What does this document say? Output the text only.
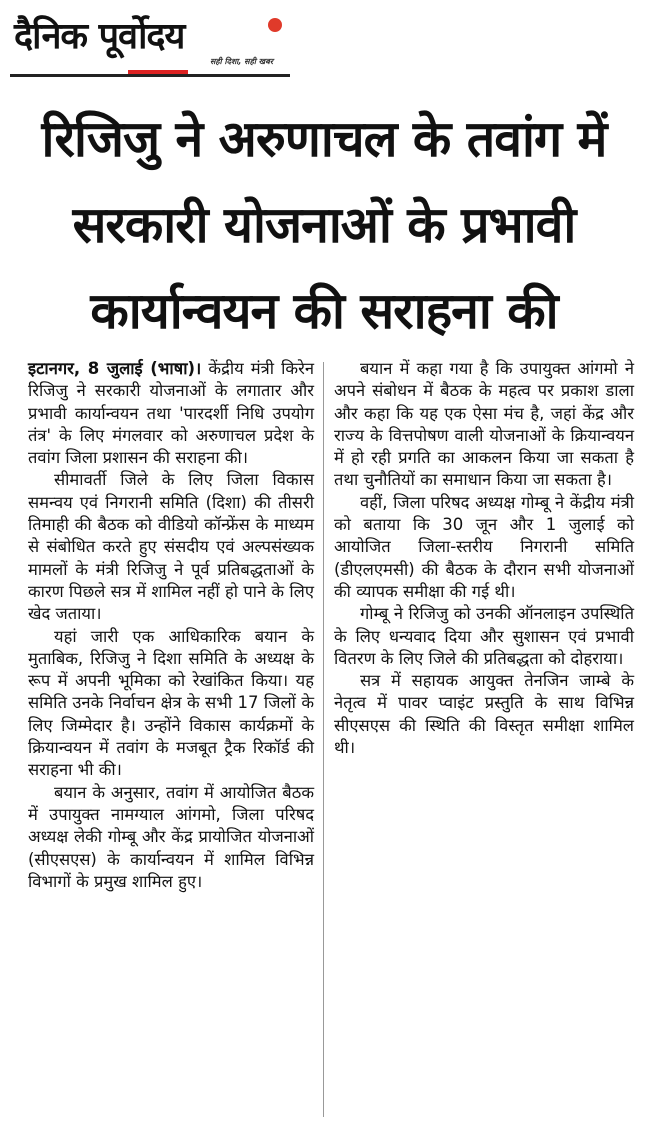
दैनिक पूर्वोदय
सही दिशा, सही खबर
रिजिजु ने अरुणाचल के तवांग में
सरकारी योजनाओं के प्रभावी
कार्यान्वयन की सराहना की

इटानगर, 8 जुलाई (भाषा)। केंद्रीय मंत्री किरेन रिजिजु ने सरकारी योजनाओं के लगातार और प्रभावी कार्यान्वयन तथा 'पारदर्शी निधि उपयोग तंत्र' के लिए मंगलवार को अरुणाचल प्रदेश के तवांग जिला प्रशासन की सराहना की।

सीमावर्ती जिले के लिए जिला विकास समन्वय एवं निगरानी समिति (दिशा) की तीसरी तिमाही की बैठक को वीडियो कॉन्फ्रेंस के माध्यम से संबोधित करते हुए संसदीय एवं अल्पसंख्यक मामलों के मंत्री रिजिजु ने पूर्व प्रतिबद्धताओं के कारण पिछले सत्र में शामिल नहीं हो पाने के लिए खेद जताया।

यहां जारी एक आधिकारिक बयान के मुताबिक, रिजिजु ने दिशा समिति के अध्यक्ष के रूप में अपनी भूमिका को रेखांकित किया। यह समिति उनके निर्वाचन क्षेत्र के सभी 17 जिलों के लिए जिम्मेदार है। उन्होंने विकास कार्यक्रमों के क्रियान्वयन में तवांग के मजबूत ट्रैक रिकॉर्ड की सराहना भी की।

बयान के अनुसार, तवांग में आयोजित बैठक में उपायुक्त नामग्याल आंगमो, जिला परिषद अध्यक्ष लेकी गोम्बू और केंद्र प्रायोजित योजनाओं (सीएसएस) के कार्यान्वयन में शामिल विभिन्न विभागों के प्रमुख शामिल हुए।

बयान में कहा गया है कि उपायुक्त आंगमो ने अपने संबोधन में बैठक के महत्व पर प्रकाश डाला और कहा कि यह एक ऐसा मंच है, जहां केंद्र और राज्य के वित्तपोषण वाली योजनाओं के क्रियान्वयन में हो रही प्रगति का आकलन किया जा सकता है तथा चुनौतियों का समाधान किया जा सकता है।

वहीं, जिला परिषद अध्यक्ष गोम्बू ने केंद्रीय मंत्री को बताया कि 30 जून और 1 जुलाई को आयोजित जिला-स्तरीय निगरानी समिति (डीएलएमसी) की बैठक के दौरान सभी योजनाओं की व्यापक समीक्षा की गई थी।

गोम्बू ने रिजिजु को उनकी ऑनलाइन उपस्थिति के लिए धन्यवाद दिया और सुशासन एवं प्रभावी वितरण के लिए जिले की प्रतिबद्धता को दोहराया।

सत्र में सहायक आयुक्त तेनजिन जाम्बे के नेतृत्व में पावर प्वाइंट प्रस्तुति के साथ विभिन्न सीएसएस की स्थिति की विस्तृत समीक्षा शामिल थी।
